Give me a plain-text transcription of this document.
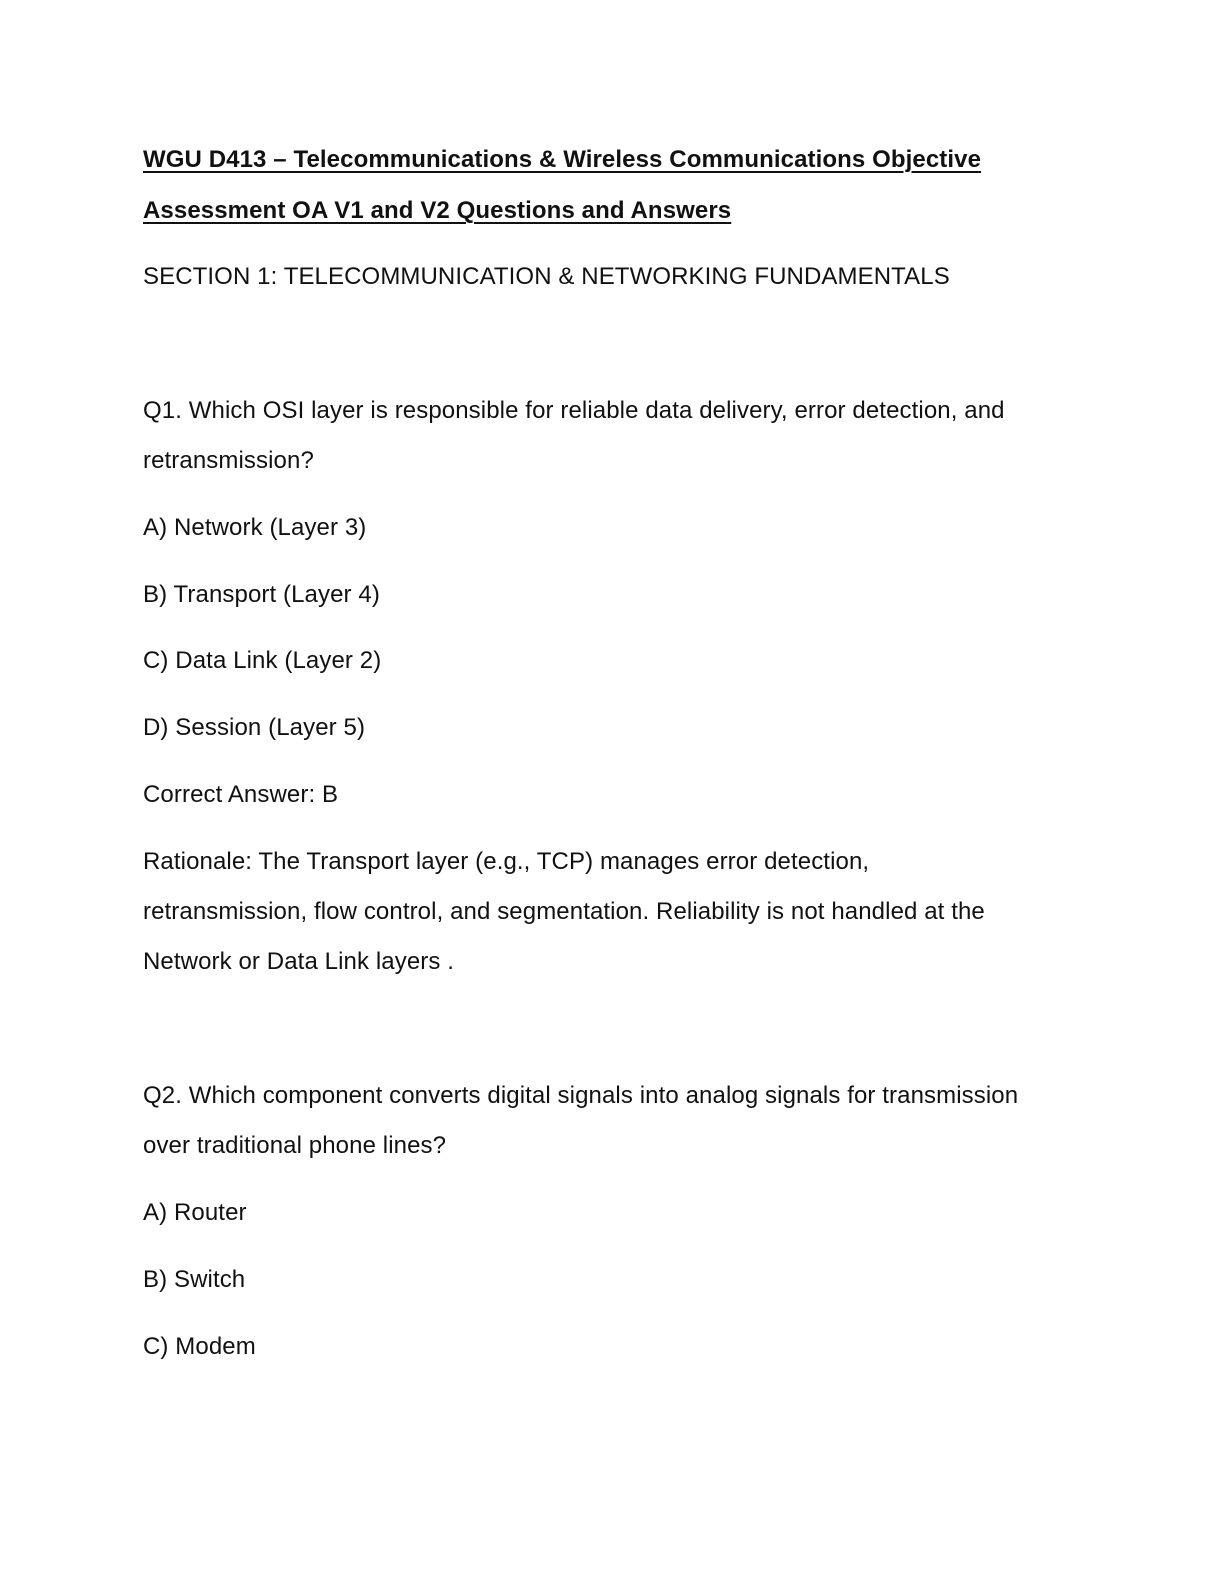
WGU D413 – Telecommunications & Wireless Communications Objective
Assessment OA V1 and V2 Questions and Answers
SECTION 1: TELECOMMUNICATION & NETWORKING FUNDAMENTALS
Q1. Which OSI layer is responsible for reliable data delivery, error detection, and
retransmission?
A) Network (Layer 3)
B) Transport (Layer 4)
C) Data Link (Layer 2)
D) Session (Layer 5)
Correct Answer: B
Rationale: The Transport layer (e.g., TCP) manages error detection,
retransmission, flow control, and segmentation. Reliability is not handled at the
Network or Data Link layers .
Q2. Which component converts digital signals into analog signals for transmission
over traditional phone lines?
A) Router
B) Switch
C) Modem
